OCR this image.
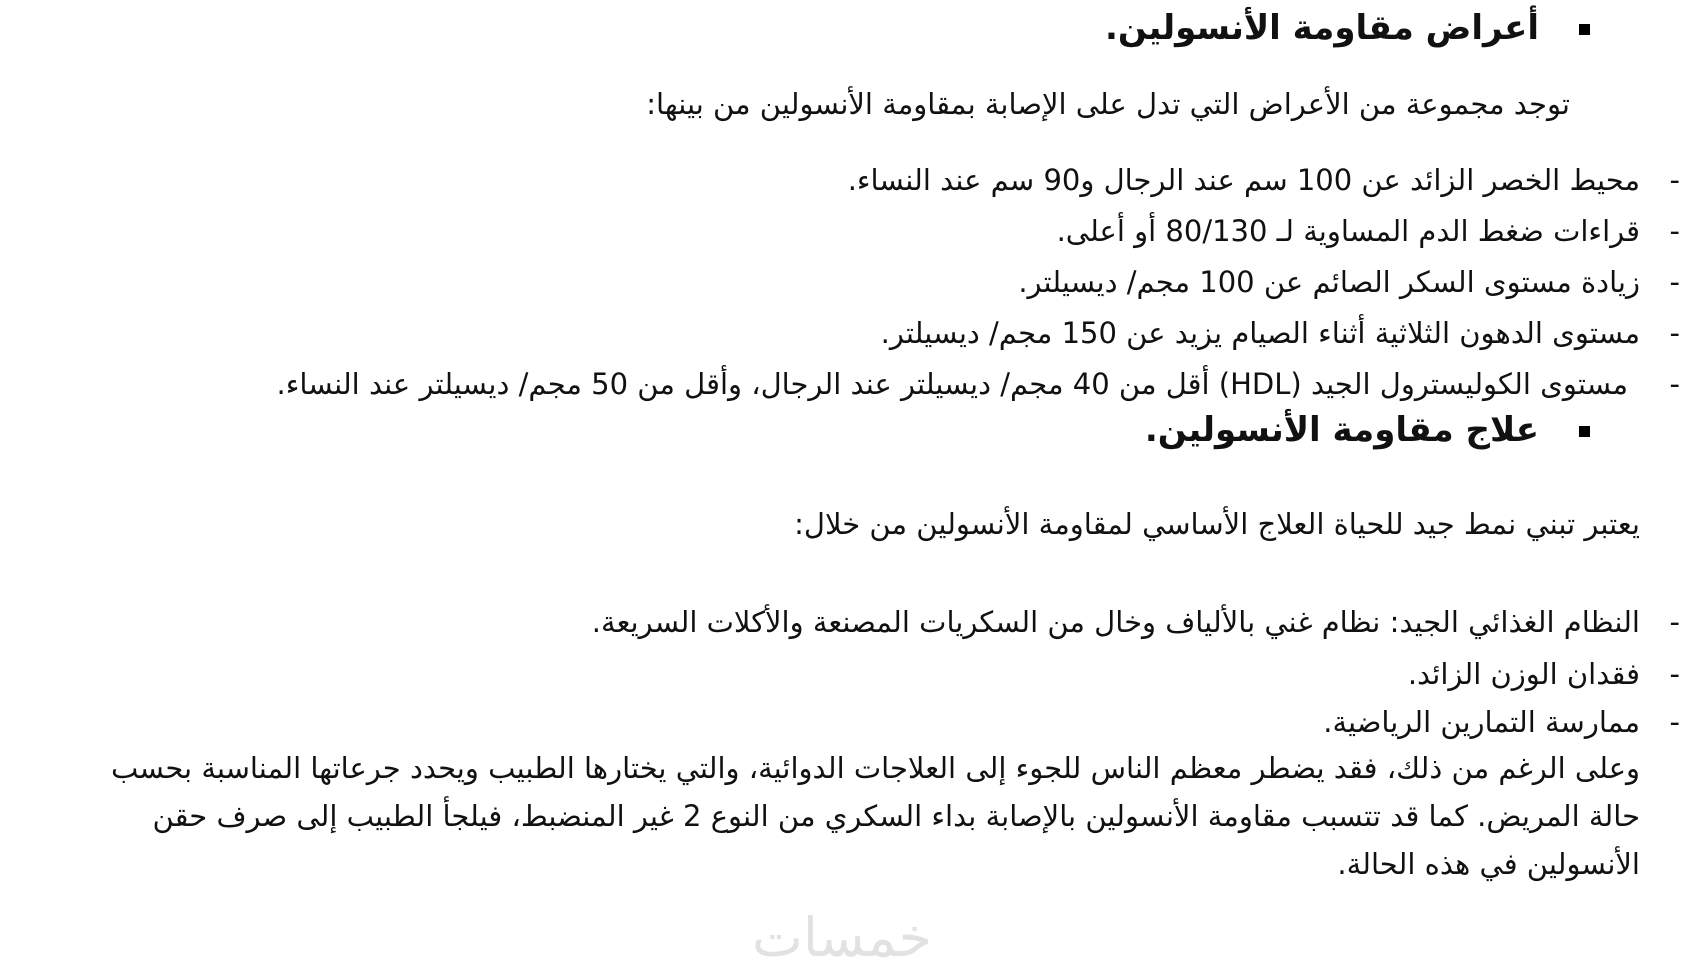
أعراض مقاومة الأنسولين.
توجد مجموعة من الأعراض التي تدل على الإصابة بمقاومة الأنسولين من بينها:
-
محيط الخصر الزائد عن 100 سم عند الرجال و90 سم عند النساء.
-
قراءات ضغط الدم المساوية لـ 80/130 أو أعلى.
-
زيادة مستوى السكر الصائم عن 100 مجم/ ديسيلتر.
-
مستوى الدهون الثلاثية أثناء الصيام يزيد عن 150 مجم/ ديسيلتر.
-
مستوى الكوليسترول الجيد (HDL) أقل من 40 مجم/ ديسيلتر عند الرجال، وأقل من 50 مجم/ ديسيلتر عند النساء.
علاج مقاومة الأنسولين.
يعتبر تبني نمط جيد للحياة العلاج الأساسي لمقاومة الأنسولين من خلال:
-
النظام الغذائي الجيد: نظام غني بالألياف وخال من السكريات المصنعة والأكلات السريعة.
-
فقدان الوزن الزائد.
-
ممارسة التمارين الرياضية.
وعلى الرغم من ذلك، فقد يضطر معظم الناس للجوء إلى العلاجات الدوائية، والتي يختارها الطبيب ويحدد جرعاتها المناسبة بحسب
حالة المريض. كما قد تتسبب مقاومة الأنسولين بالإصابة بداء السكري من النوع 2 غير المنضبط، فيلجأ الطبيب إلى صرف حقن
الأنسولين في هذه الحالة.
خمسات
